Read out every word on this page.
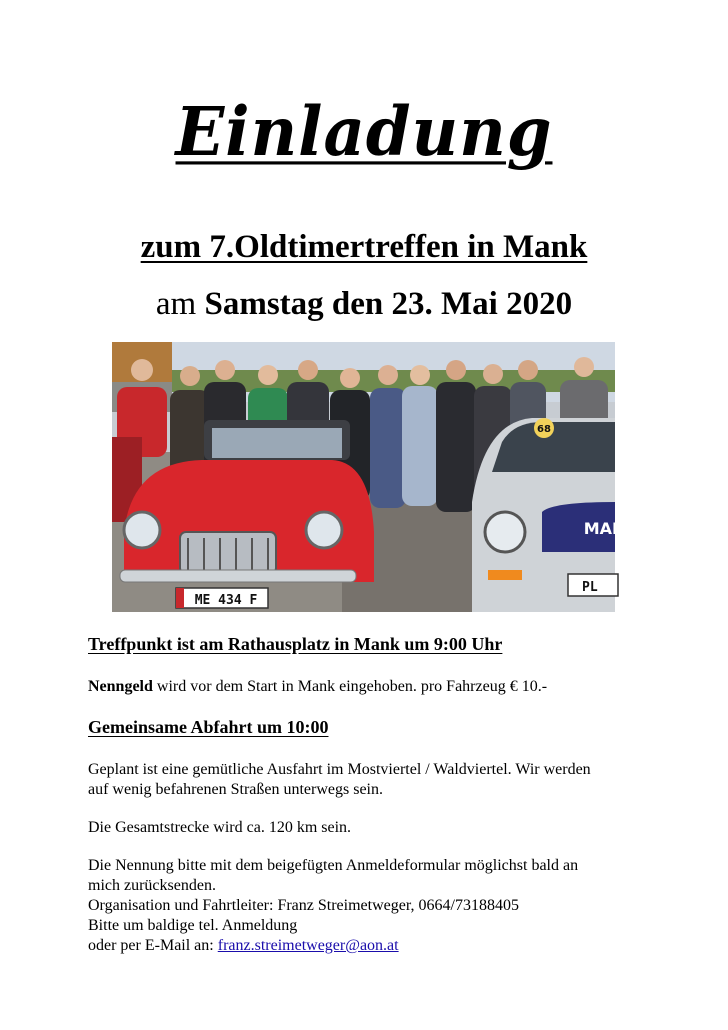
Einladung
zum 7.Oldtimertreffen in Mank
am Samstag den 23. Mai 2020
ME 434 F
68
MAR
PL
Treffpunkt ist am Rathausplatz in Mank um 9:00 Uhr
Nenngeld wird vor dem Start in Mank eingehoben. pro Fahrzeug € 10.-
Gemeinsame Abfahrt um 10:00
Geplant ist eine gemütliche Ausfahrt im Mostviertel / Waldviertel. Wir werden
auf wenig befahrenen Straßen unterwegs sein.
Die Gesamtstrecke wird ca. 120 km sein.
Die Nennung bitte mit dem beigefügten Anmeldeformular möglichst bald an
mich zurücksenden.
Organisation und Fahrtleiter: Franz Streimetweger, 0664/73188405
Bitte um baldige tel. Anmeldung
oder per E-Mail an: franz.streimetweger@aon.at
